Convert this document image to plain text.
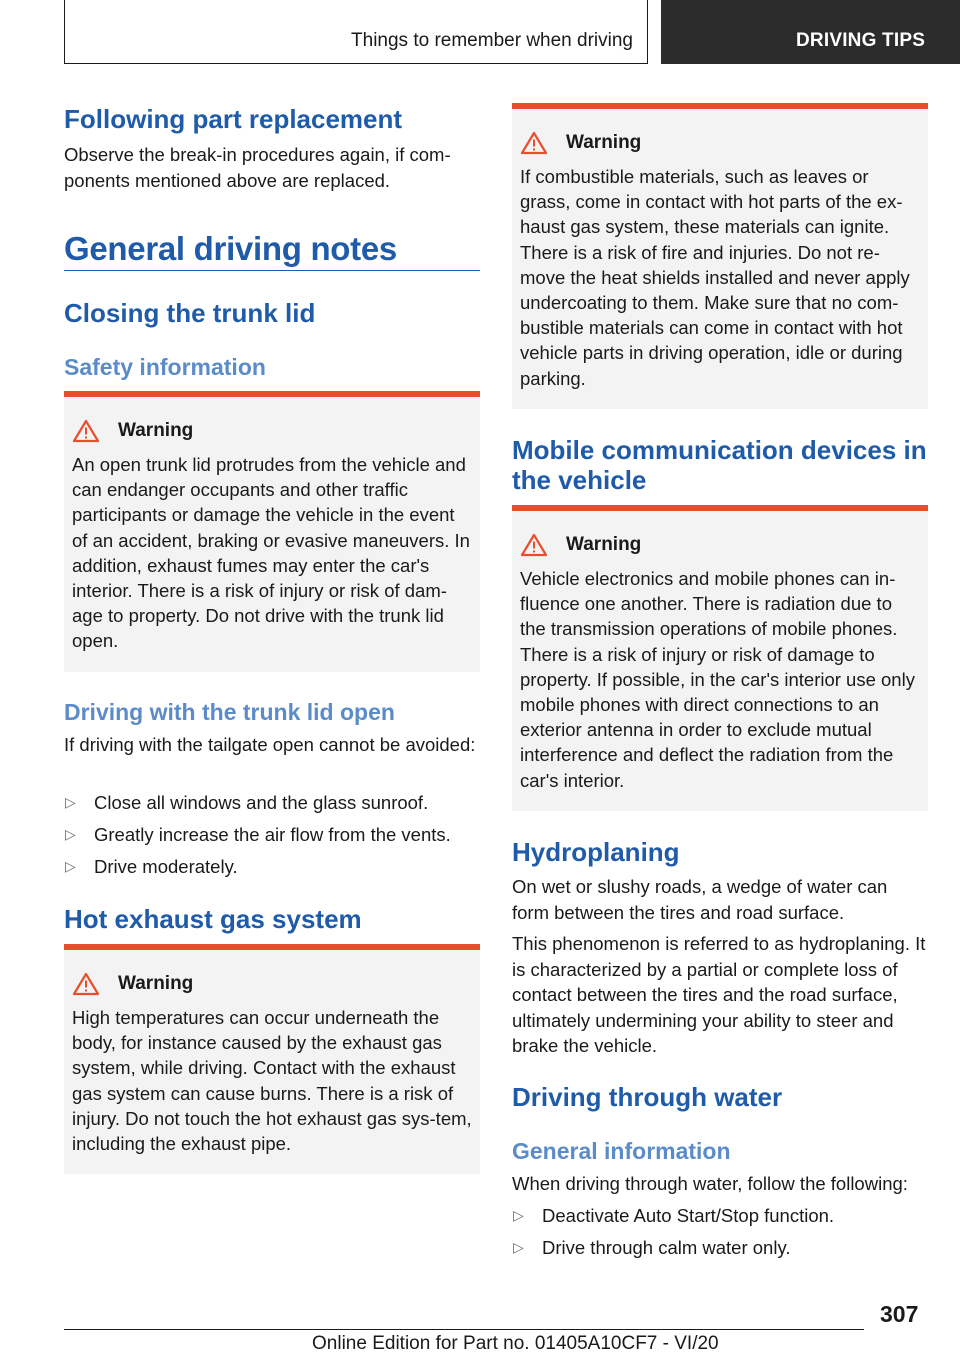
Things to remember when driving	DRIVING TIPS
Following part replacement
Observe the break-in procedures again, if com-ponents mentioned above are replaced.
General driving notes
Closing the trunk lid
Safety information
Warning
An open trunk lid protrudes from the vehicle and can endanger occupants and other traffic participants or damage the vehicle in the event of an accident, braking or evasive maneuvers. In addition, exhaust fumes may enter the car's interior. There is a risk of injury or risk of dam-age to property. Do not drive with the trunk lid open.
Driving with the trunk lid open
If driving with the tailgate open cannot be avoided:
▷ Close all windows and the glass sunroof.
▷ Greatly increase the air flow from the vents.
▷ Drive moderately.
Hot exhaust gas system
Warning
High temperatures can occur underneath the body, for instance caused by the exhaust gas system, while driving. Contact with the exhaust gas system can cause burns. There is a risk of injury. Do not touch the hot exhaust gas sys-tem, including the exhaust pipe.
Warning
If combustible materials, such as leaves or grass, come in contact with hot parts of the ex-haust gas system, these materials can ignite. There is a risk of fire and injuries. Do not re-move the heat shields installed and never apply undercoating to them. Make sure that no com-bustible materials can come in contact with hot vehicle parts in driving operation, idle or during parking.
Mobile communication devices in the vehicle
Warning
Vehicle electronics and mobile phones can in-fluence one another. There is radiation due to the transmission operations of mobile phones. There is a risk of injury or risk of damage to property. If possible, in the car's interior use only mobile phones with direct connections to an exterior antenna in order to exclude mutual interference and deflect the radiation from the car's interior.
Hydroplaning
On wet or slushy roads, a wedge of water can form between the tires and road surface.
This phenomenon is referred to as hydroplaning. It is characterized by a partial or complete loss of contact between the tires and the road surface, ultimately undermining your ability to steer and brake the vehicle.
Driving through water
General information
When driving through water, follow the following:
▷ Deactivate Auto Start/Stop function.
▷ Drive through calm water only.
307
Online Edition for Part no. 01405A10CF7 - VI/20
